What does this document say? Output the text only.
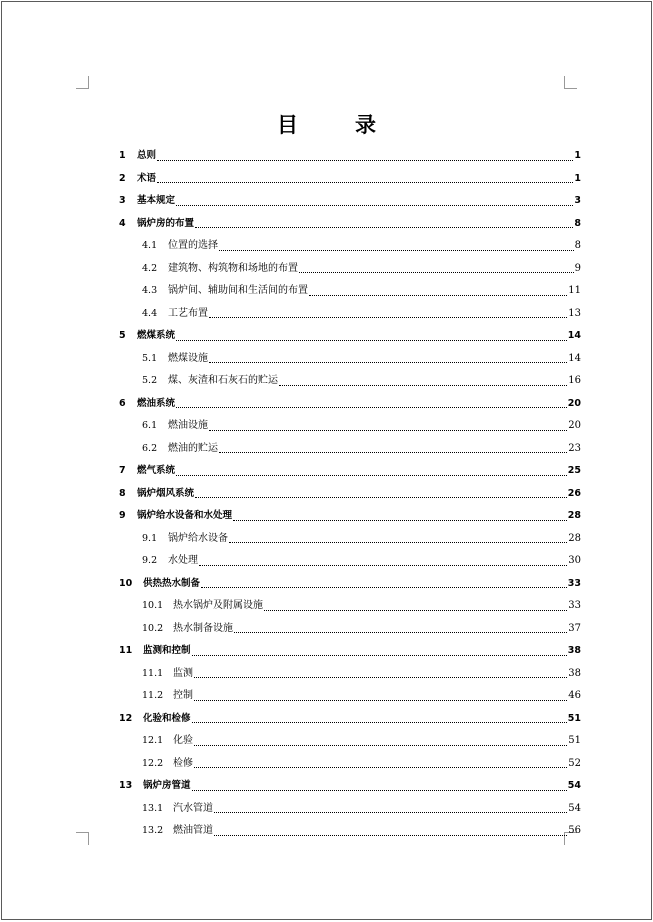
目　录
1	总则	1
2	术语	1
3	基本规定	3
4	锅炉房的布置	8
4.1	位置的选择	8
4.2	建筑物、构筑物和场地的布置	9
4.3	锅炉间、辅助间和生活间的布置	11
4.4	工艺布置	13
5	燃煤系统	14
5.1	燃煤设施	14
5.2	煤、灰渣和石灰石的贮运	16
6	燃油系统	20
6.1	燃油设施	20
6.2	燃油的贮运	23
7	燃气系统	25
8	锅炉烟风系统	26
9	锅炉给水设备和水处理	28
9.1	锅炉给水设备	28
9.2	水处理	30
10	供热热水制备	33
10.1 热水锅炉及附属设施	33
10.2 热水制备设施	37
11	监测和控制	38
11.1 监测	38
11.2 控制	46
12	化验和检修	51
12.1 化验	51
12.2 检修	52
13	锅炉房管道	54
13.1 汽水管道	54
13.2 燃油管道	56
